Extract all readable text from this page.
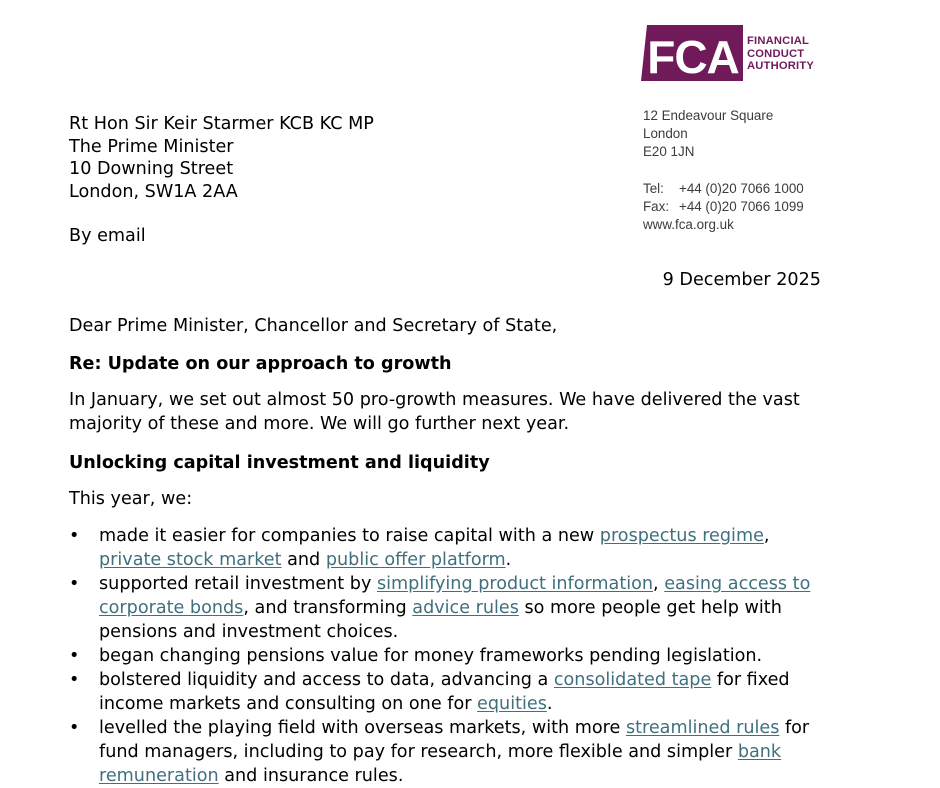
FCA FINANCIAL
CONDUCT
AUTHORITY
Rt Hon Sir Keir Starmer KCB KC MP
The Prime Minister
10 Downing Street
London, SW1A 2AA
By email
12 Endeavour Square
London
E20 1JN
Tel: +44 (0)20 7066 1000
Fax: +44 (0)20 7066 1099
www.fca.org.uk
9 December 2025
Dear Prime Minister, Chancellor and Secretary of State,
Re: Update on our approach to growth
In January, we set out almost 50 pro-growth measures. We have delivered the vast majority of these and more. We will go further next year.
Unlocking capital investment and liquidity
This year, we:
• made it easier for companies to raise capital with a new prospectus regime, private stock market and public offer platform.
• supported retail investment by simplifying product information, easing access to corporate bonds, and transforming advice rules so more people get help with pensions and investment choices.
• began changing pensions value for money frameworks pending legislation.
• bolstered liquidity and access to data, advancing a consolidated tape for fixed income markets and consulting on one for equities.
• levelled the playing field with overseas markets, with more streamlined rules for fund managers, including to pay for research, more flexible and simpler bank remuneration and insurance rules.
